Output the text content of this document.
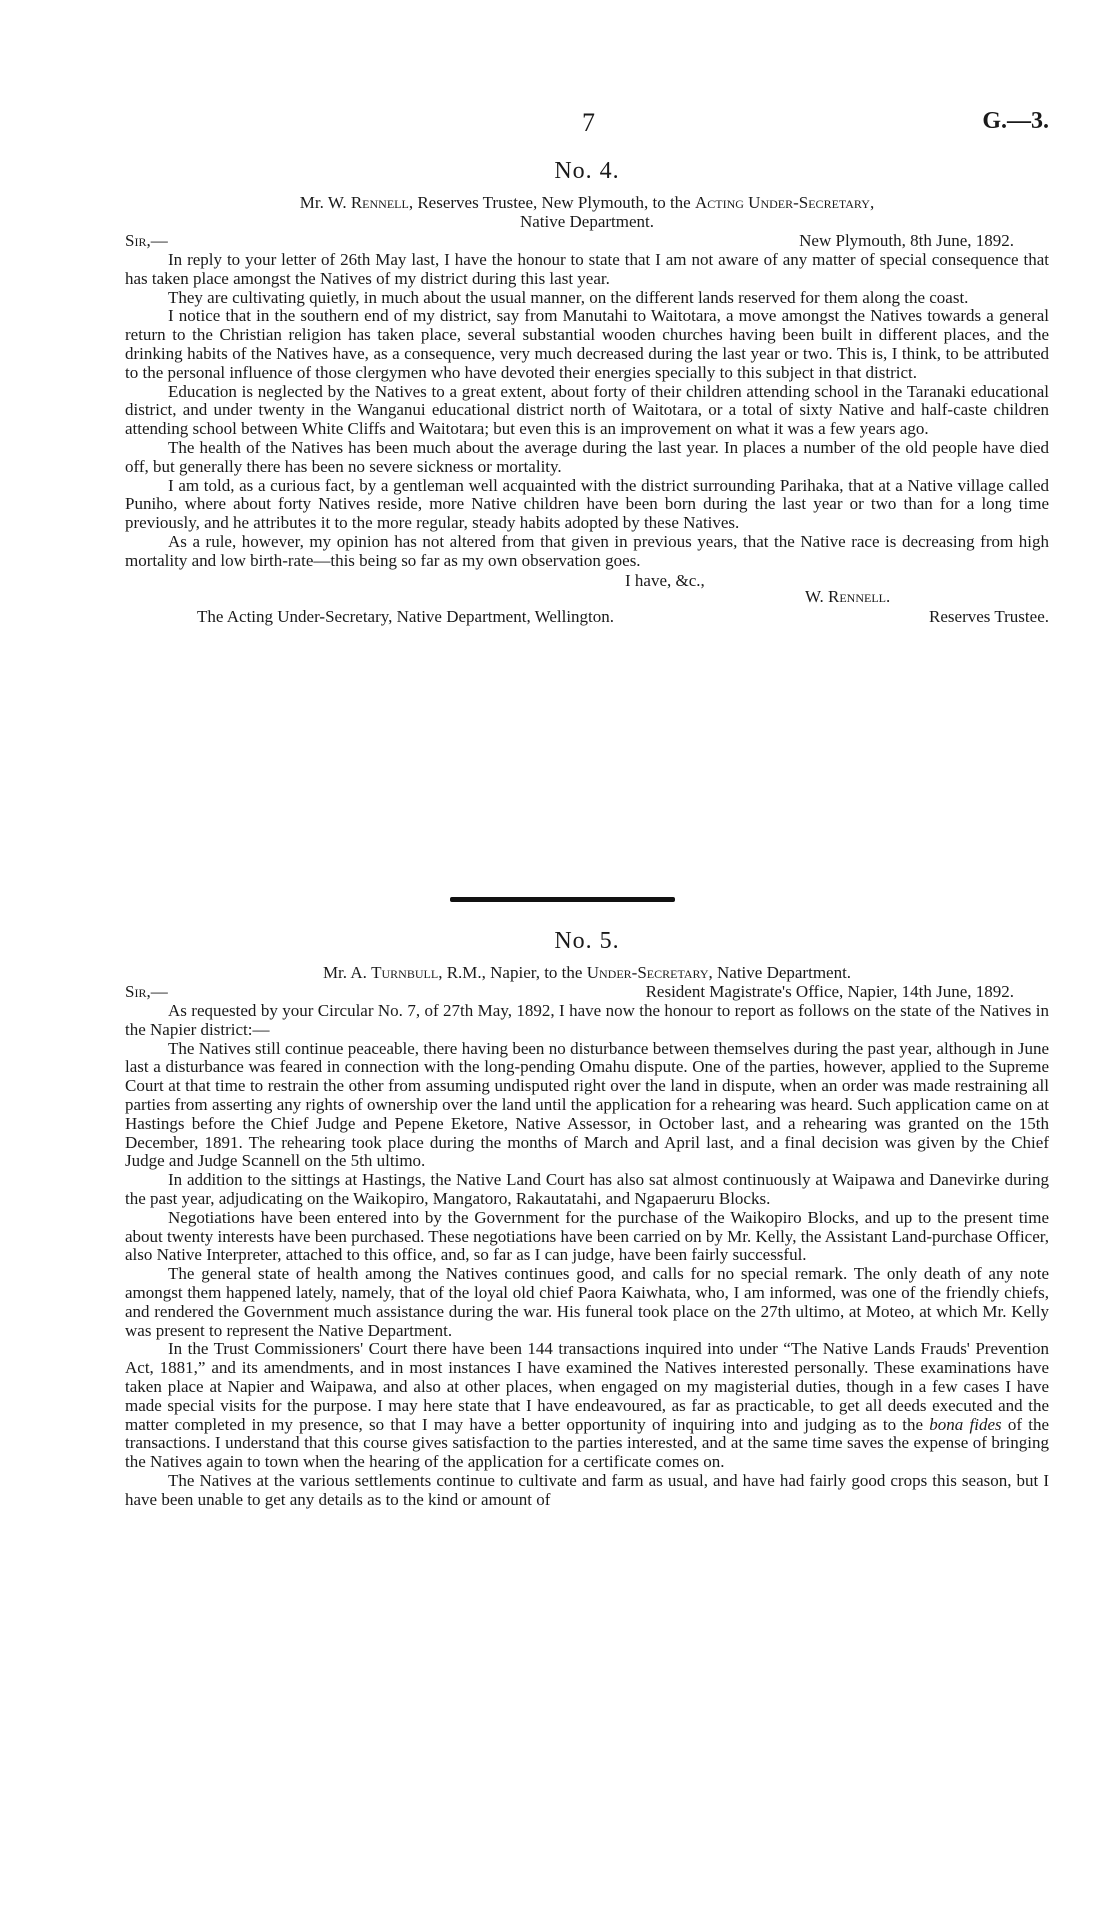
7	G.—3.

No. 4.

Mr. W. Rennell, Reserves Trustee, New Plymouth, to the Acting Under-Secretary,

Native Department.

Sir,—	New Plymouth, 8th June, 1892.

In reply to your letter of 26th May last, I have the honour to state that I am not aware of any matter of special consequence that has taken place amongst the Natives of my district during this last year.

They are cultivating quietly, in much about the usual manner, on the different lands reserved for them along the coast.

I notice that in the southern end of my district, say from Manutahi to Waitotara, a move amongst the Natives towards a general return to the Christian religion has taken place, several substantial wooden churches having been built in different places, and the drinking habits of the Natives have, as a consequence, very much decreased during the last year or two. This is, I think, to be attributed to the personal influence of those clergymen who have devoted their energies specially to this subject in that district.

Education is neglected by the Natives to a great extent, about forty of their children attending school in the Taranaki educational district, and under twenty in the Wanganui educational district north of Waitotara, or a total of sixty Native and half-caste children attending school between White Cliffs and Waitotara; but even this is an improvement on what it was a few years ago.

The health of the Natives has been much about the average during the last year. In places a number of the old people have died off, but generally there has been no severe sickness or mortality.

I am told, as a curious fact, by a gentleman well acquainted with the district surrounding Parihaka, that at a Native village called Puniho, where about forty Natives reside, more Native children have been born during the last year or two than for a long time previously, and he attributes it to the more regular, steady habits adopted by these Natives.

As a rule, however, my opinion has not altered from that given in previous years, that the Native race is decreasing from high mortality and low birth-rate—this being so far as my own observation goes.

I have, &c.,

W. Rennell.

The Acting Under-Secretary, Native Department, Wellington.	Reserves Trustee.

No. 5.

Mr. A. Turnbull, R.M., Napier, to the Under-Secretary, Native Department.

Sir,—	Resident Magistrate's Office, Napier, 14th June, 1892.

As requested by your Circular No. 7, of 27th May, 1892, I have now the honour to report as follows on the state of the Natives in the Napier district:—

The Natives still continue peaceable, there having been no disturbance between themselves during the past year, although in June last a disturbance was feared in connection with the long-pending Omahu dispute. One of the parties, however, applied to the Supreme Court at that time to restrain the other from assuming undisputed right over the land in dispute, when an order was made restraining all parties from asserting any rights of ownership over the land until the application for a rehearing was heard. Such application came on at Hastings before the Chief Judge and Pepene Eketore, Native Assessor, in October last, and a rehearing was granted on the 15th December, 1891. The rehearing took place during the months of March and April last, and a final decision was given by the Chief Judge and Judge Scannell on the 5th ultimo.

In addition to the sittings at Hastings, the Native Land Court has also sat almost continuously at Waipawa and Danevirke during the past year, adjudicating on the Waikopiro, Mangatoro, Rakautatahi, and Ngapaeruru Blocks.

Negotiations have been entered into by the Government for the purchase of the Waikopiro Blocks, and up to the present time about twenty interests have been purchased. These negotiations have been carried on by Mr. Kelly, the Assistant Land-purchase Officer, also Native Interpreter, attached to this office, and, so far as I can judge, have been fairly successful.

The general state of health among the Natives continues good, and calls for no special remark. The only death of any note amongst them happened lately, namely, that of the loyal old chief Paora Kaiwhata, who, I am informed, was one of the friendly chiefs, and rendered the Government much assistance during the war. His funeral took place on the 27th ultimo, at Moteo, at which Mr. Kelly was present to represent the Native Department.

In the Trust Commissioners' Court there have been 144 transactions inquired into under “The Native Lands Frauds' Prevention Act, 1881,” and its amendments, and in most instances I have examined the Natives interested personally. These examinations have taken place at Napier and Waipawa, and also at other places, when engaged on my magisterial duties, though in a few cases I have made special visits for the purpose. I may here state that I have endeavoured, as far as practicable, to get all deeds executed and the matter completed in my presence, so that I may have a better opportunity of inquiring into and judging as to the bona fides of the transactions. I understand that this course gives satisfaction to the parties interested, and at the same time saves the expense of bringing the Natives again to town when the hearing of the application for a certificate comes on.

The Natives at the various settlements continue to cultivate and farm as usual, and have had fairly good crops this season, but I have been unable to get any details as to the kind or amount of
